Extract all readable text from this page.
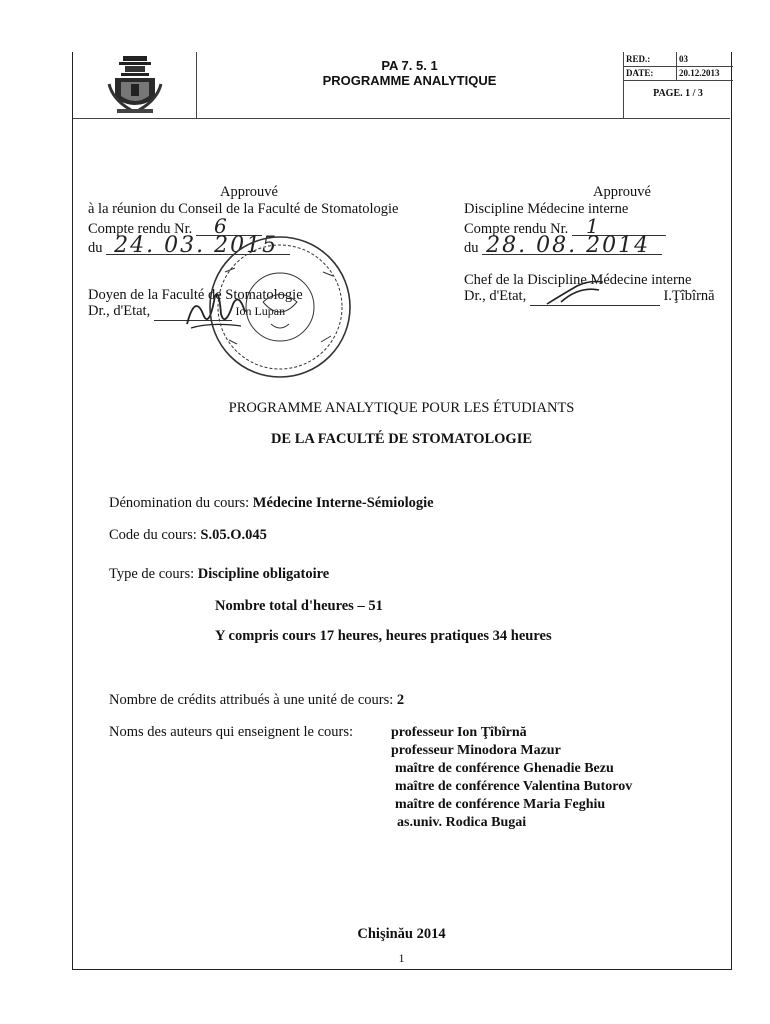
PA 7. 5. 1
PROGRAMME ANALYTIQUE
RED.:	03
DATE:	20.12.2013
PAGE. 1 / 3
Approuvé
à la réunion du Conseil de la Faculté de Stomatologie
Compte rendu Nr. 6
du 24. 03. 2015
Doyen de la Faculté de Stomatologie
Dr., d'Etat,	Ion Lupan
Approuvé
Discipline Médecine interne
Compte rendu Nr. 1
du 28. 08. 2014
Chef de la Discipline Médecine interne
Dr., d'Etat,	I.Ţîbîrnă
PROGRAMME ANALYTIQUE POUR LES ÉTUDIANTS
DE LA FACULTÉ DE STOMATOLOGIE
Dénomination du cours: Médecine Interne-Sémiologie
Code du cours: S.05.O.045
Type de cours: Discipline obligatoire
Nombre total d'heures – 51
Y compris cours 17 heures, heures pratiques 34 heures
Nombre de crédits attribués à une unité de cours: 2
Noms des auteurs qui enseignent le cours:	professeur Ion Ţîbîrnă
professeur Minodora Mazur
maître de conférence Ghenadie Bezu
maître de conférence Valentina Butorov
maître de conférence Maria Feghiu
as.univ. Rodica Bugai
Chişinău 2014
1
